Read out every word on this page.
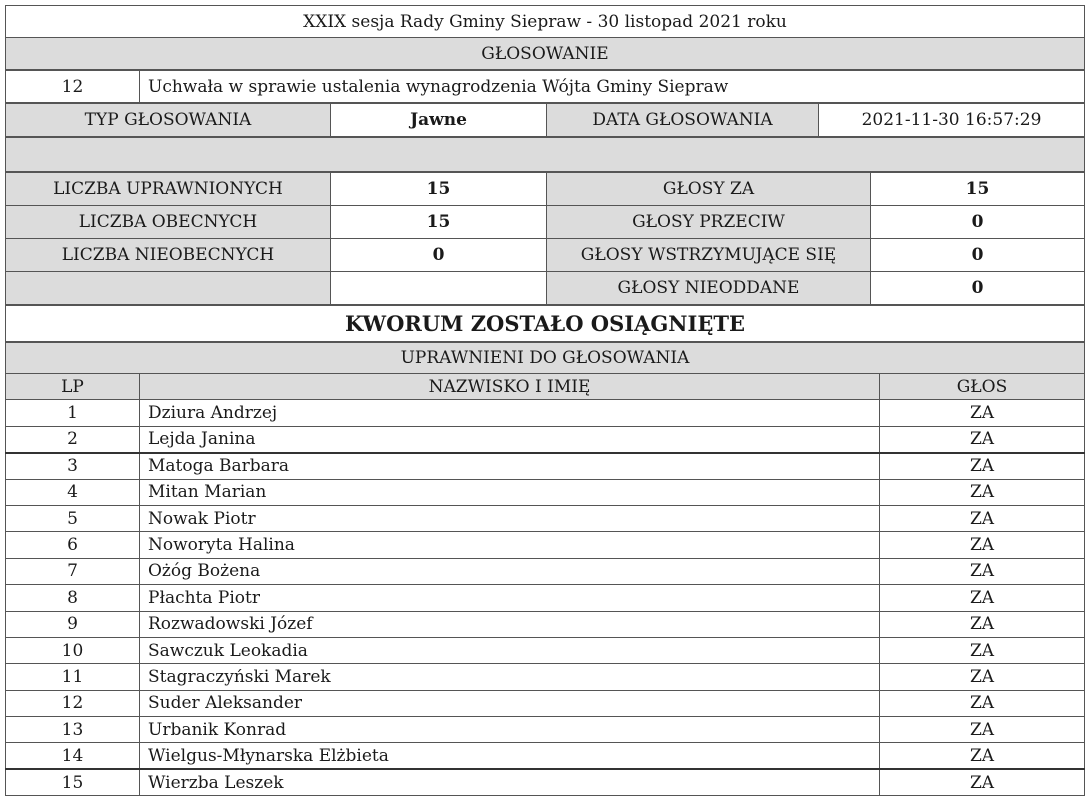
XXIX sesja Rady Gminy Siepraw - 30 listopad 2021 roku
GŁOSOWANIE
12	Uchwała w sprawie ustalenia wynagrodzenia Wójta Gminy Siepraw
TYP GŁOSOWANIA	Jawne	DATA GŁOSOWANIA	2021-11-30 16:57:29
LICZBA UPRAWNIONYCH	15	GŁOSY ZA	15
LICZBA OBECNYCH	15	GŁOSY PRZECIW	0
LICZBA NIEOBECNYCH	0	GŁOSY WSTRZYMUJĄCE SIĘ	0
		GŁOSY NIEODDANE	0
KWORUM ZOSTAŁO OSIĄGNIĘTE
UPRAWNIENI DO GŁOSOWANIA		
LP	NAZWISKO I IMIĘ	GŁOS
1	Dziura Andrzej	ZA
2	Lejda Janina	ZA
3	Matoga Barbara	ZA
4	Mitan Marian	ZA
5	Nowak Piotr	ZA
6	Noworyta Halina	ZA
7	Ożóg Bożena	ZA
8	Płachta Piotr	ZA
9	Rozwadowski Józef	ZA
10	Sawczuk Leokadia	ZA
11	Stagraczyński Marek	ZA
12	Suder Aleksander	ZA
13	Urbanik Konrad	ZA
14	Wielgus-Młynarska Elżbieta	ZA
15	Wierzba Leszek	ZA
